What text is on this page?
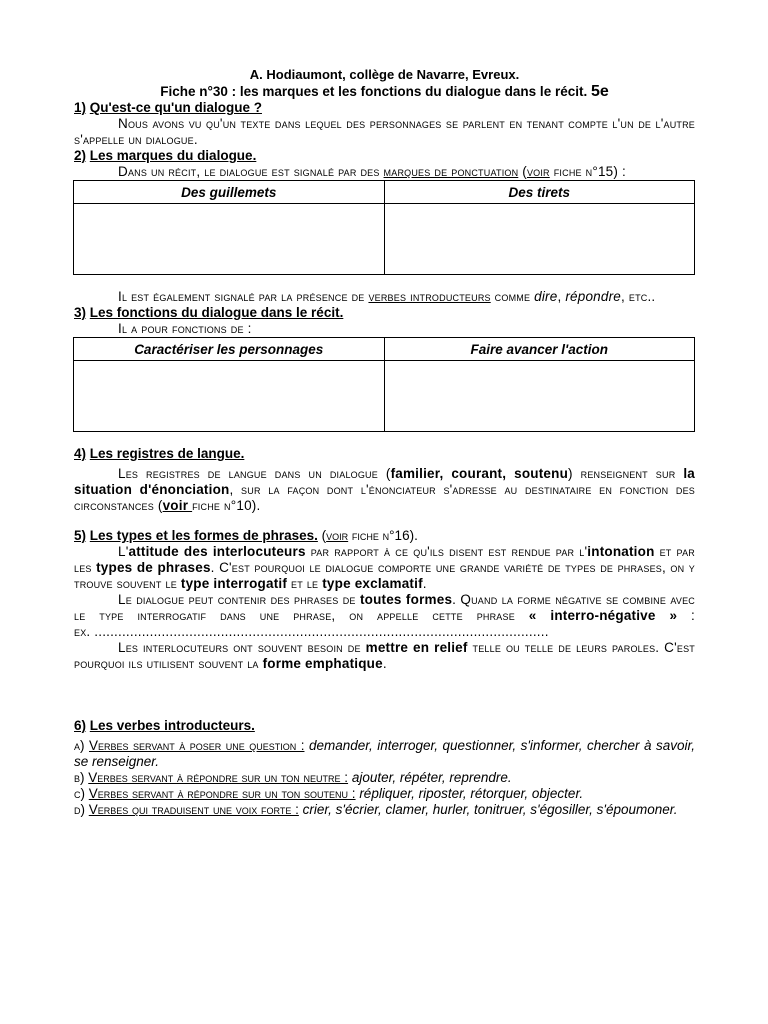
A. Hodiaumont, collège de Navarre, Evreux.
Fiche n°30 : les marques et les fonctions du dialogue dans le récit. 5e
1) Qu'est-ce qu'un dialogue ?
Nous avons vu qu'un texte dans lequel des personnages se parlent en tenant compte l'un de l'autre s'appelle un dialogue.
2) Les marques du dialogue.
Dans un récit, le dialogue est signalé par des marques de ponctuation (voir fiche n°15) :
Des guillemets	Des tirets

Il est également signalé par la présence de verbes introducteurs comme dire, répondre, etc..
3) Les fonctions du dialogue dans le récit.
Il a pour fonctions de :
Caractériser les personnages	Faire avancer l'action

4) Les registres de langue.
Les registres de langue dans un dialogue (familier, courant, soutenu) renseignent sur la situation d'énonciation, sur la façon dont l'énonciateur s'adresse au destinataire en fonction des circonstances (voir fiche n°10).
5) Les types et les formes de phrases. (voir fiche n°16).
L'attitude des interlocuteurs par rapport à ce qu'ils disent est rendue par l'intonation et par les types de phrases. C'est pourquoi le dialogue comporte une grande variété de types de phrases, on y trouve souvent le type interrogatif et le type exclamatif.
Le dialogue peut contenir des phrases de toutes formes. Quand la forme négative se combine avec le type interrogatif dans une phrase, on appelle cette phrase « interro-négative » :
ex. ...................................................................................................................
Les interlocuteurs ont souvent besoin de mettre en relief telle ou telle de leurs paroles. C'est pourquoi ils utilisent souvent la forme emphatique.
6) Les verbes introducteurs.
a) Verbes servant à poser une question : demander, interroger, questionner, s'informer, chercher à savoir, se renseigner.
b) Verbes servant à répondre sur un ton neutre : ajouter, répéter, reprendre.
c) Verbes servant à répondre sur un ton soutenu : répliquer, riposter, rétorquer, objecter.
d) Verbes qui traduisent une voix forte : crier, s'écrier, clamer, hurler, tonitruer, s'égosiller, s'époumoner.
